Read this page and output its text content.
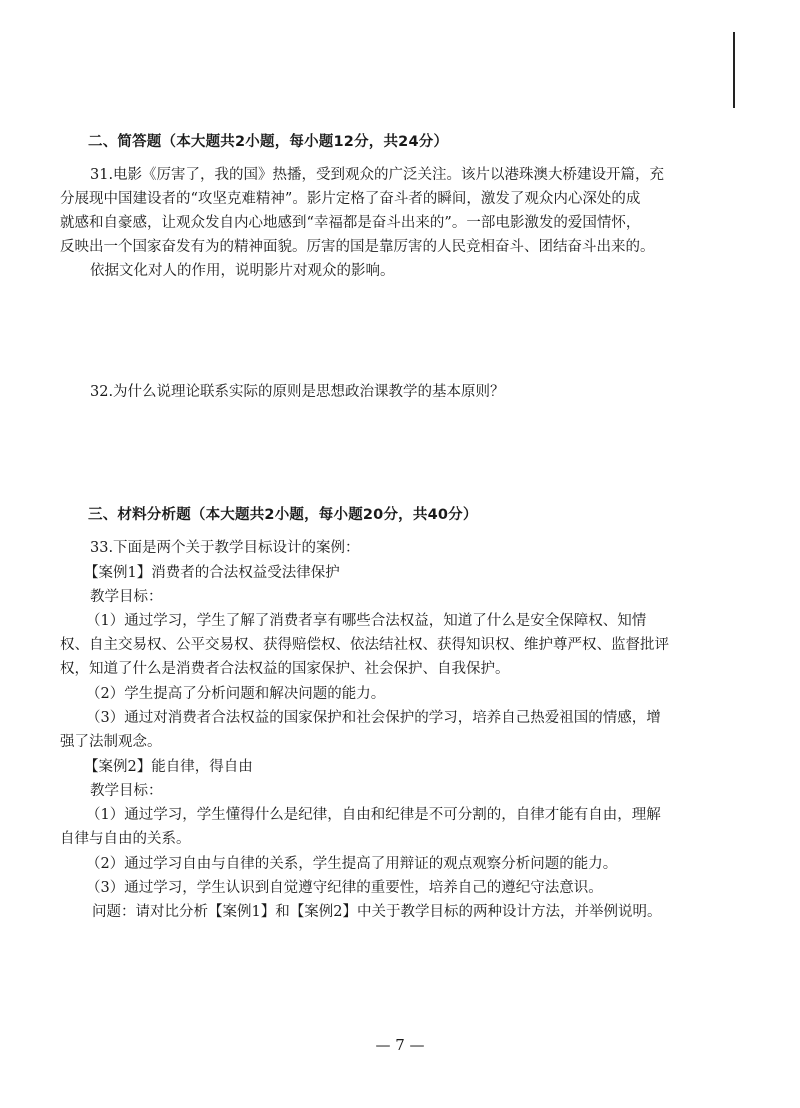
二、简答题（本大题共2小题，每小题12分，共24分）
31.电影《厉害了，我的国》热播，受到观众的广泛关注。该片以港珠澳大桥建设开篇，充
分展现中国建设者的“攻坚克难精神”。影片定格了奋斗者的瞬间，激发了观众内心深处的成
就感和自豪感，让观众发自内心地感到“幸福都是奋斗出来的”。一部电影激发的爱国情怀，
反映出一个国家奋发有为的精神面貌。厉害的国是靠厉害的人民竞相奋斗、团结奋斗出来的。
依据文化对人的作用，说明影片对观众的影响。
32.为什么说理论联系实际的原则是思想政治课教学的基本原则？
三、材料分析题（本大题共2小题，每小题20分，共40分）
33.下面是两个关于教学目标设计的案例：
【案例1】消费者的合法权益受法律保护
教学目标：
（1）通过学习，学生了解了消费者享有哪些合法权益，知道了什么是安全保障权、知情
权、自主交易权、公平交易权、获得赔偿权、依法结社权、获得知识权、维护尊严权、监督批评
权，知道了什么是消费者合法权益的国家保护、社会保护、自我保护。
（2）学生提高了分析问题和解决问题的能力。
（3）通过对消费者合法权益的国家保护和社会保护的学习，培养自己热爱祖国的情感，增
强了法制观念。
【案例2】能自律，得自由
教学目标：
（1）通过学习，学生懂得什么是纪律，自由和纪律是不可分割的，自律才能有自由，理解
自律与自由的关系。
（2）通过学习自由与自律的关系，学生提高了用辩证的观点观察分析问题的能力。
（3）通过学习，学生认识到自觉遵守纪律的重要性，培养自己的遵纪守法意识。
问题：请对比分析【案例1】和【案例2】中关于教学目标的两种设计方法，并举例说明。
— 7 —
